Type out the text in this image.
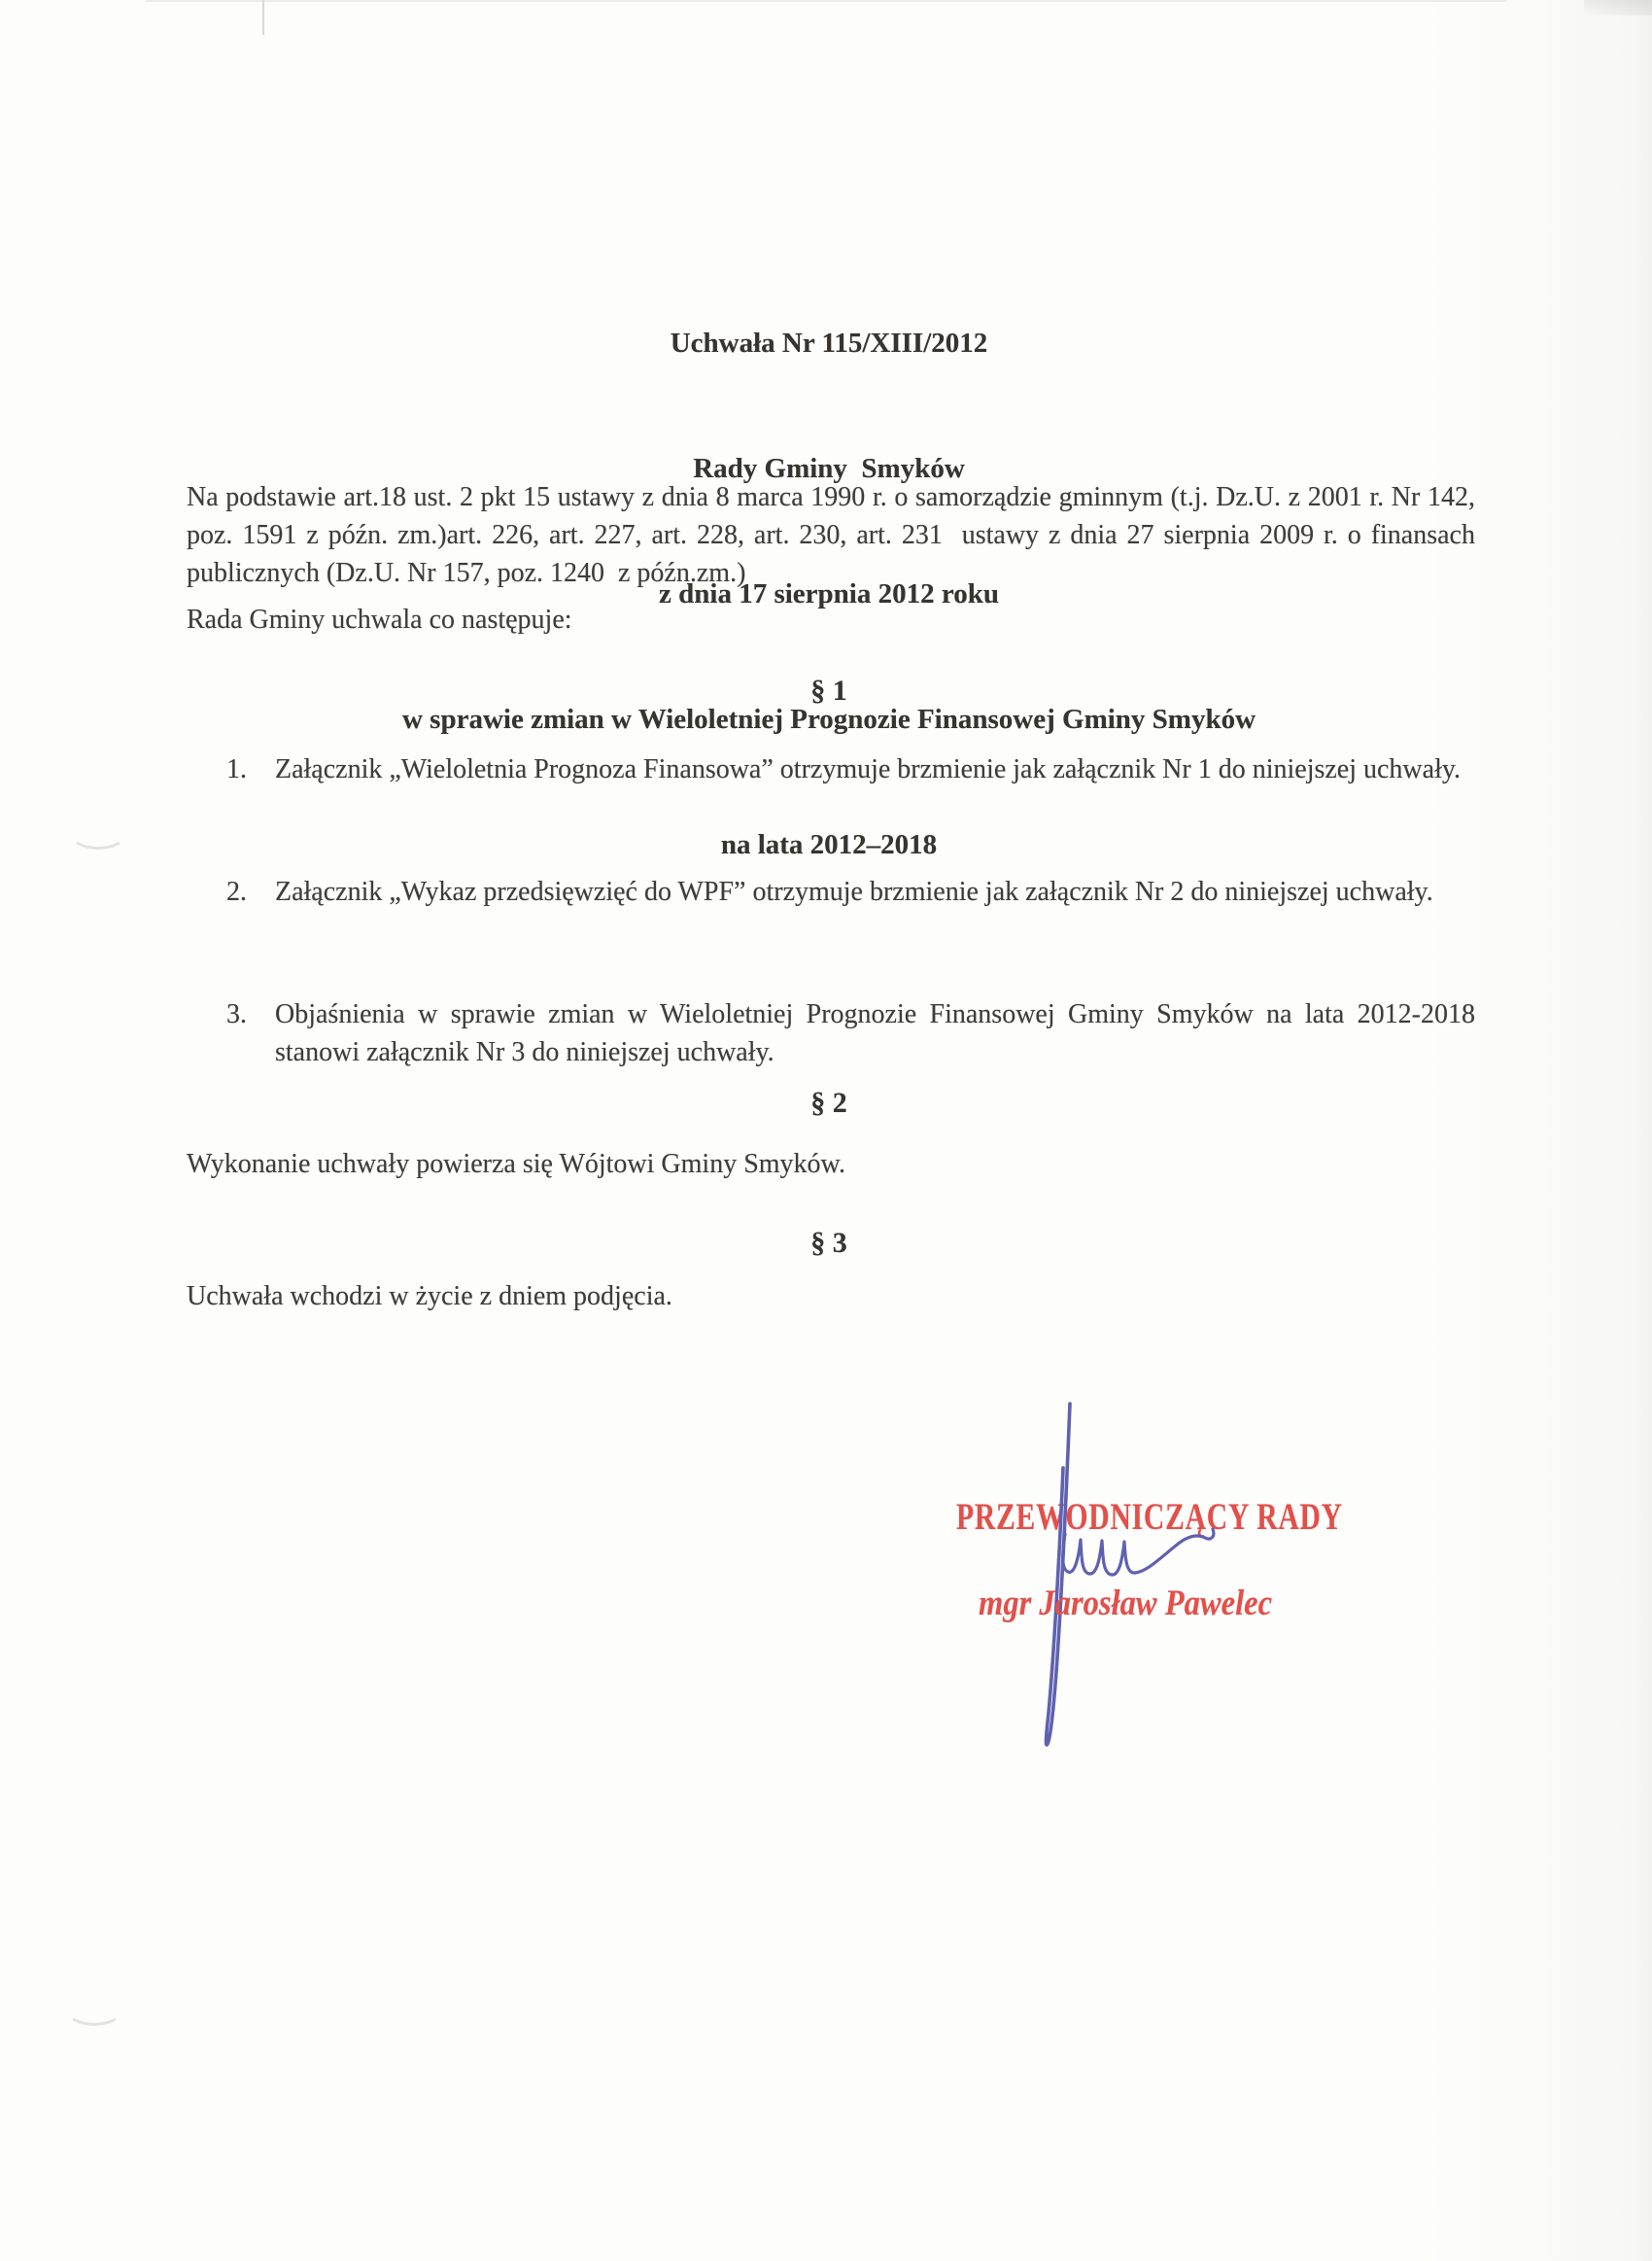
Uchwała Nr 115/XIII/2012

Rady Gminy  Smyków

z dnia 17 sierpnia 2012 roku

w sprawie zmian w Wieloletniej Prognozie Finansowej Gminy Smyków

na lata 2012–2018

Na podstawie art.18 ust. 2 pkt 15 ustawy z dnia 8 marca 1990 r. o samorządzie gminnym (t.j. Dz.U. z 2001 r. Nr 142, poz. 1591 z późn. zm.)art. 226, art. 227, art. 228, art. 230, art. 231  ustawy z dnia 27 sierpnia 2009 r. o finansach publicznych (Dz.U. Nr 157, poz. 1240  z późn.zm.)

Rada Gminy uchwala co następuje:

§ 1
1.	Załącznik „Wieloletnia Prognoza Finansowa” otrzymuje brzmienie jak załącznik Nr 1 do niniejszej uchwały.
2.	Załącznik „Wykaz przedsięwzięć do WPF” otrzymuje brzmienie jak załącznik Nr 2 do niniejszej uchwały.
3.	Objaśnienia w sprawie zmian w Wieloletniej Prognozie Finansowej Gminy Smyków na lata 2012-2018 stanowi załącznik Nr 3 do niniejszej uchwały.
§ 2

Wykonanie uchwały powierza się Wójtowi Gminy Smyków.

§ 3

Uchwała wchodzi w życie z dniem podjęcia.

PRZEWODNICZĄCY RADY
mgr Jarosław Pawelec
